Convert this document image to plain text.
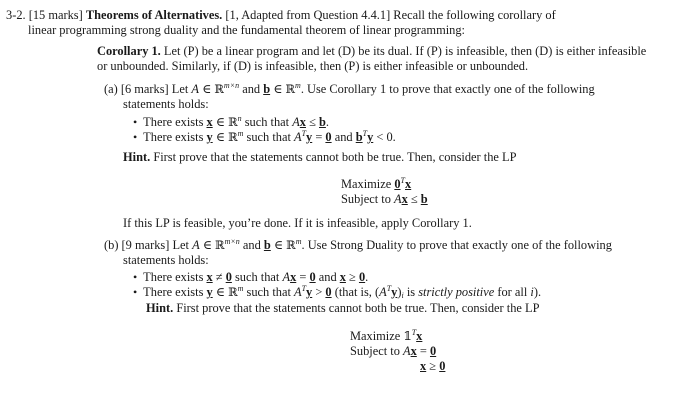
3-2. [15 marks] Theorems of Alternatives. [1, Adapted from Question 4.4.1] Recall the following corollary of
linear programming strong duality and the fundamental theorem of linear programming:
Corollary 1. Let (P) be a linear program and let (D) be its dual. If (P) is infeasible, then (D) is either infeasible
or unbounded. Similarly, if (D) is infeasible, then (P) is either infeasible or unbounded.
(a) [6 marks] Let A ∈ ℝ$^{m\times n}$ and b ∈ ℝ$^m$. Use Corollary 1 to prove that exactly one of the following
statements holds:
•  There exists x ∈ ℝ$^n$ such that Ax ≤ b.
•  There exists y ∈ ℝ$^m$ such that $A^Ty = 0$ and $b^Ty < 0$.
Hint. First prove that the statements cannot both be true. Then, consider the LP
Maximize $0^Tx$
Subject to Ax ≤ b
If this LP is feasible, you’re done. If it is infeasible, apply Corollary 1.
(b) [9 marks] Let A ∈ ℝ$^{m\times n}$ and b ∈ ℝ$^m$. Use Strong Duality to prove that exactly one of the following
statements holds:
•  There exists x ≠ 0 such that Ax = 0 and x ≥ 0.
•  There exists y ∈ ℝ$^m$ such that $A^Ty > 0$ (that is, $(A^Ty)_i$ is strictly positive for all i).
Hint. First prove that the statements cannot both be true. Then, consider the LP
Maximize $𝟙^Tx$
Subject to Ax = 0
x ≥ 0
